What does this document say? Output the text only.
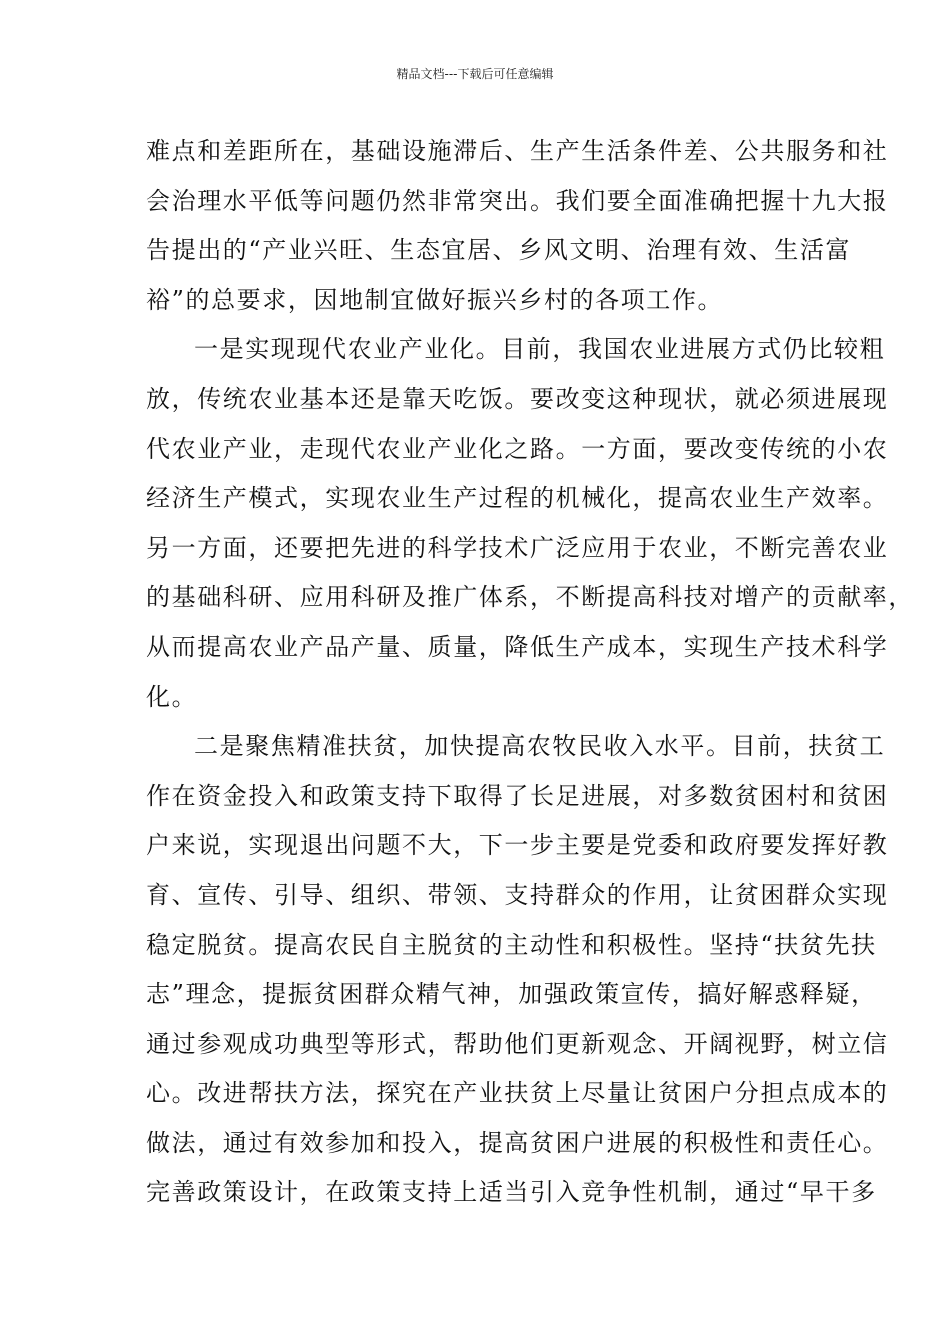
精品文档---下载后可任意编辑
难点和差距所在，基础设施滞后、生产生活条件差、公共服务和社
会治理水平低等问题仍然非常突出。我们要全面准确把握十九大报
告提出的“产业兴旺、生态宜居、乡风文明、治理有效、生活富
裕”的总要求，因地制宜做好振兴乡村的各项工作。
一是实现现代农业产业化。目前，我国农业进展方式仍比较粗
放，传统农业基本还是靠天吃饭。要改变这种现状，就必须进展现
代农业产业，走现代农业产业化之路。一方面，要改变传统的小农
经济生产模式，实现农业生产过程的机械化，提高农业生产效率。
另一方面，还要把先进的科学技术广泛应用于农业，不断完善农业
的基础科研、应用科研及推广体系，不断提高科技对增产的贡献率，
从而提高农业产品产量、质量，降低生产成本，实现生产技术科学
化。
二是聚焦精准扶贫，加快提高农牧民收入水平。目前，扶贫工
作在资金投入和政策支持下取得了长足进展，对多数贫困村和贫困
户来说，实现退出问题不大，下一步主要是党委和政府要发挥好教
育、宣传、引导、组织、带领、支持群众的作用，让贫困群众实现
稳定脱贫。提高农民自主脱贫的主动性和积极性。坚持“扶贫先扶
志”理念，提振贫困群众精气神，加强政策宣传，搞好解惑释疑，
通过参观成功典型等形式，帮助他们更新观念、开阔视野，树立信
心。改进帮扶方法，探究在产业扶贫上尽量让贫困户分担点成本的
做法，通过有效参加和投入，提高贫困户进展的积极性和责任心。
完善政策设计，在政策支持上适当引入竞争性机制，通过“早干多
